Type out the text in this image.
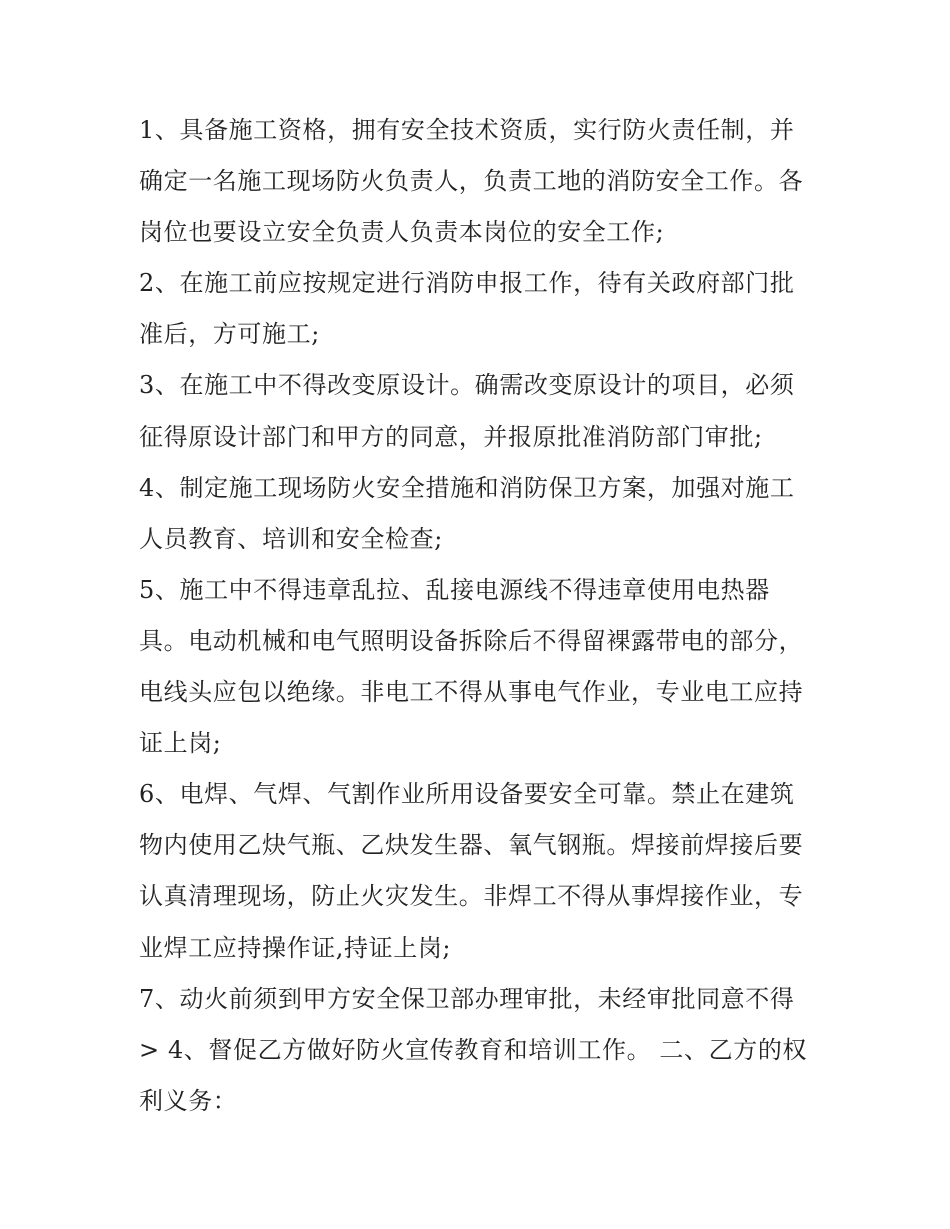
1、具备施工资格，拥有安全技术资质，实行防火责任制，并
确定一名施工现场防火负责人，负责工地的消防安全工作。各
岗位也要设立安全负责人负责本岗位的安全工作;
2、在施工前应按规定进行消防申报工作，待有关政府部门批
准后，方可施工;
3、在施工中不得改变原设计。确需改变原设计的项目，必须
征得原设计部门和甲方的同意，并报原批准消防部门审批;
4、制定施工现场防火安全措施和消防保卫方案，加强对施工
人员教育、培训和安全检查;
5、施工中不得违章乱拉、乱接电源线不得违章使用电热器
具。电动机械和电气照明设备拆除后不得留裸露带电的部分，
电线头应包以绝缘。非电工不得从事电气作业，专业电工应持
证上岗;
6、电焊、气焊、气割作业所用设备要安全可靠。禁止在建筑
物内使用乙炔气瓶、乙炔发生器、氧气钢瓶。焊接前焊接后要
认真清理现场，防止火灾发生。非焊工不得从事焊接作业，专
业焊工应持操作证,持证上岗;
7、动火前须到甲方安全保卫部办理审批，未经审批同意不得
> 4、督促乙方做好防火宣传教育和培训工作。 二、乙方的权
利义务：
